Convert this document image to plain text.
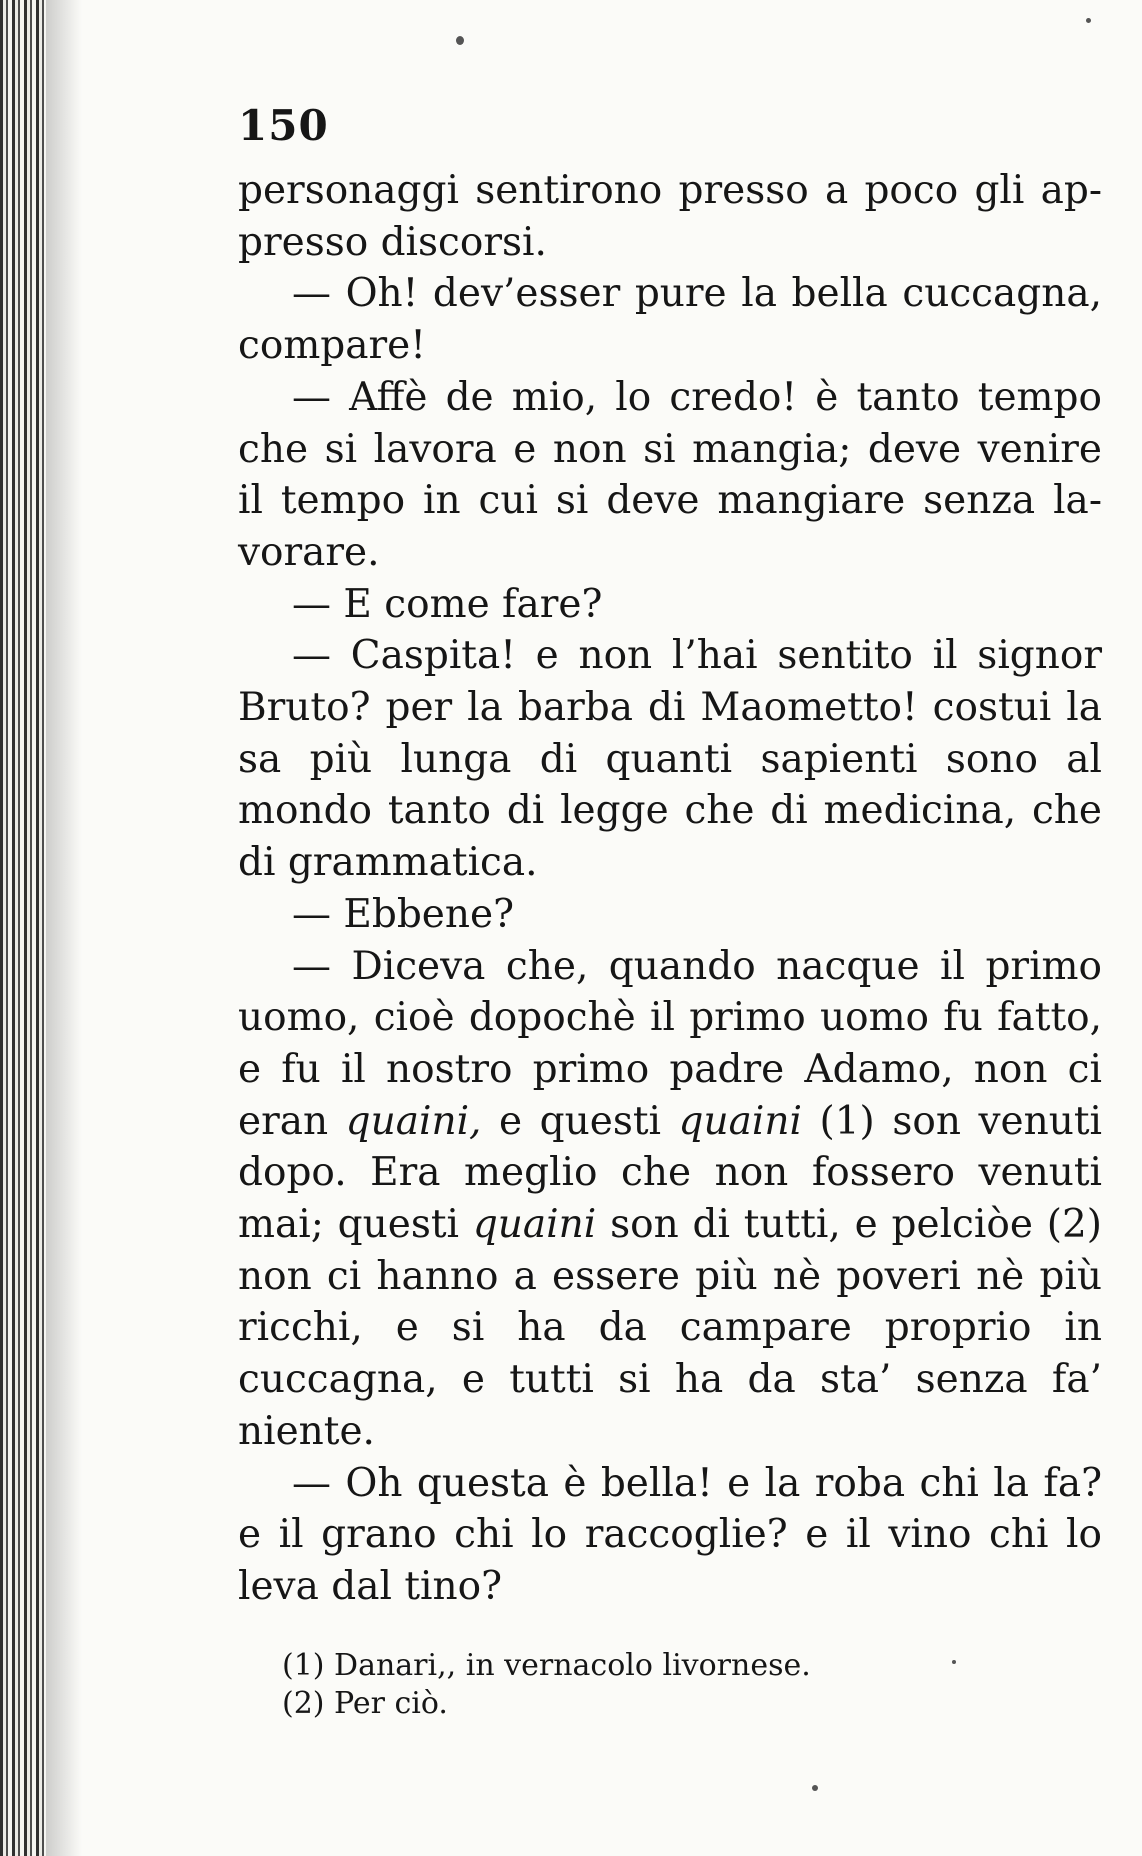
150

personaggi sentirono presso a poco gli ap-presso discorsi.

— Oh! dev’esser pure la bella cuccagna, compare!

— Affè de mio, lo credo! è tanto tempo che si lavora e non si mangia; deve venire il tempo in cui si deve mangiare senza la-vorare.

— E come fare?

— Caspita! e non l’hai sentito il signor Bruto? per la barba di Maometto! costui la sa più lunga di quanti sapienti sono al mondo tanto di legge che di medicina, che di grammatica.

— Ebbene?

— Diceva che, quando nacque il primo uomo, cioè dopochè il primo uomo fu fatto, e fu il nostro primo padre Adamo, non ci eran quaini, e questi quaini (1) son venuti dopo. Era meglio che non fossero venuti mai; questi quaini son di tutti, e pelciòe (2) non ci hanno a essere più nè poveri nè più ricchi, e si ha da campare proprio in cuccagna, e tutti si ha da sta’ senza fa’ niente.

— Oh questa è bella! e la roba chi la fa? e il grano chi lo raccoglie? e il vino chi lo leva dal tino?

(1) Danari,, in vernacolo livornese.

(2) Per ciò.
